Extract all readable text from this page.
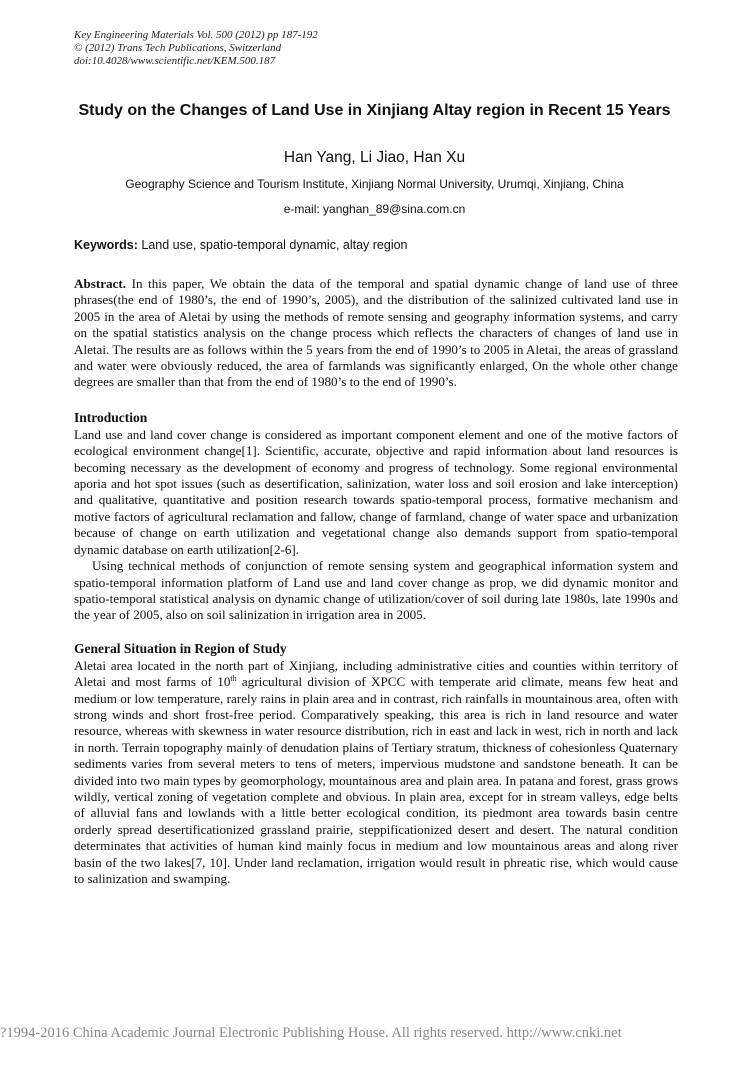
Key Engineering Materials Vol. 500 (2012) pp 187-192
© (2012) Trans Tech Publications, Switzerland
doi:10.4028/www.scientific.net/KEM.500.187
Study on the Changes of Land Use in Xinjiang Altay region in Recent 15 Years
Han Yang, Li Jiao, Han Xu
Geography Science and Tourism Institute, Xinjiang Normal University, Urumqi, Xinjiang, China
e-mail: yanghan_89@sina.com.cn
Keywords: Land use, spatio-temporal dynamic, altay region

Abstract. In this paper, We obtain the data of the temporal and spatial dynamic change of land use of three phrases(the end of 1980’s, the end of 1990’s, 2005), and the distribution of the salinized cultivated land use in 2005 in the area of Aletai by using the methods of remote sensing and geography information systems, and carry on the spatial statistics analysis on the change process which reflects the characters of changes of land use in Aletai. The results are as follows within the 5 years from the end of 1990’s to 2005 in Aletai, the areas of grassland and water were obviously reduced, the area of farmlands was significantly enlarged, On the whole other change degrees are smaller than that from the end of 1980’s to the end of 1990’s.

Introduction

Land use and land cover change is considered as important component element and one of the motive factors of ecological environment change[1]. Scientific, accurate, objective and rapid information about land resources is becoming necessary as the development of economy and progress of technology. Some regional environmental aporia and hot spot issues (such as desertification, salinization, water loss and soil erosion and lake interception) and qualitative, quantitative and position research towards spatio-temporal process, formative mechanism and motive factors of agricultural reclamation and fallow, change of farmland, change of water space and urbanization because of change on earth utilization and vegetational change also demands support from spatio-temporal dynamic database on earth utilization[2-6].

Using technical methods of conjunction of remote sensing system and geographical information system and spatio-temporal information platform of Land use and land cover change as prop, we did dynamic monitor and spatio-temporal statistical analysis on dynamic change of utilization/cover of soil during late 1980s, late 1990s and the year of 2005, also on soil salinization in irrigation area in 2005.

General Situation in Region of Study

Aletai area located in the north part of Xinjiang, including administrative cities and counties within territory of Aletai and most farms of 10th agricultural division of XPCC with temperate arid climate, means few heat and medium or low temperature, rarely rains in plain area and in contrast, rich rainfalls in mountainous area, often with strong winds and short frost-free period. Comparatively speaking, this area is rich in land resource and water resource, whereas with skewness in water resource distribution, rich in east and lack in west, rich in north and lack in north. Terrain topography mainly of denudation plains of Tertiary stratum, thickness of cohesionless Quaternary sediments varies from several meters to tens of meters, impervious mudstone and sandstone beneath. It can be divided into two main types by geomorphology, mountainous area and plain area. In patana and forest, grass grows wildly, vertical zoning of vegetation complete and obvious. In plain area, except for in stream valleys, edge belts of alluvial fans and lowlands with a little better ecological condition, its piedmont area towards basin centre orderly spread desertificationized grassland prairie, steppificationized desert and desert. The natural condition determinates that activities of human kind mainly focus in medium and low mountainous areas and along river basin of the two lakes[7, 10]. Under land reclamation, irrigation would result in phreatic rise, which would cause to salinization and swamping.

?1994-2016 China Academic Journal Electronic Publishing House. All rights reserved. http://www.cnki.net
